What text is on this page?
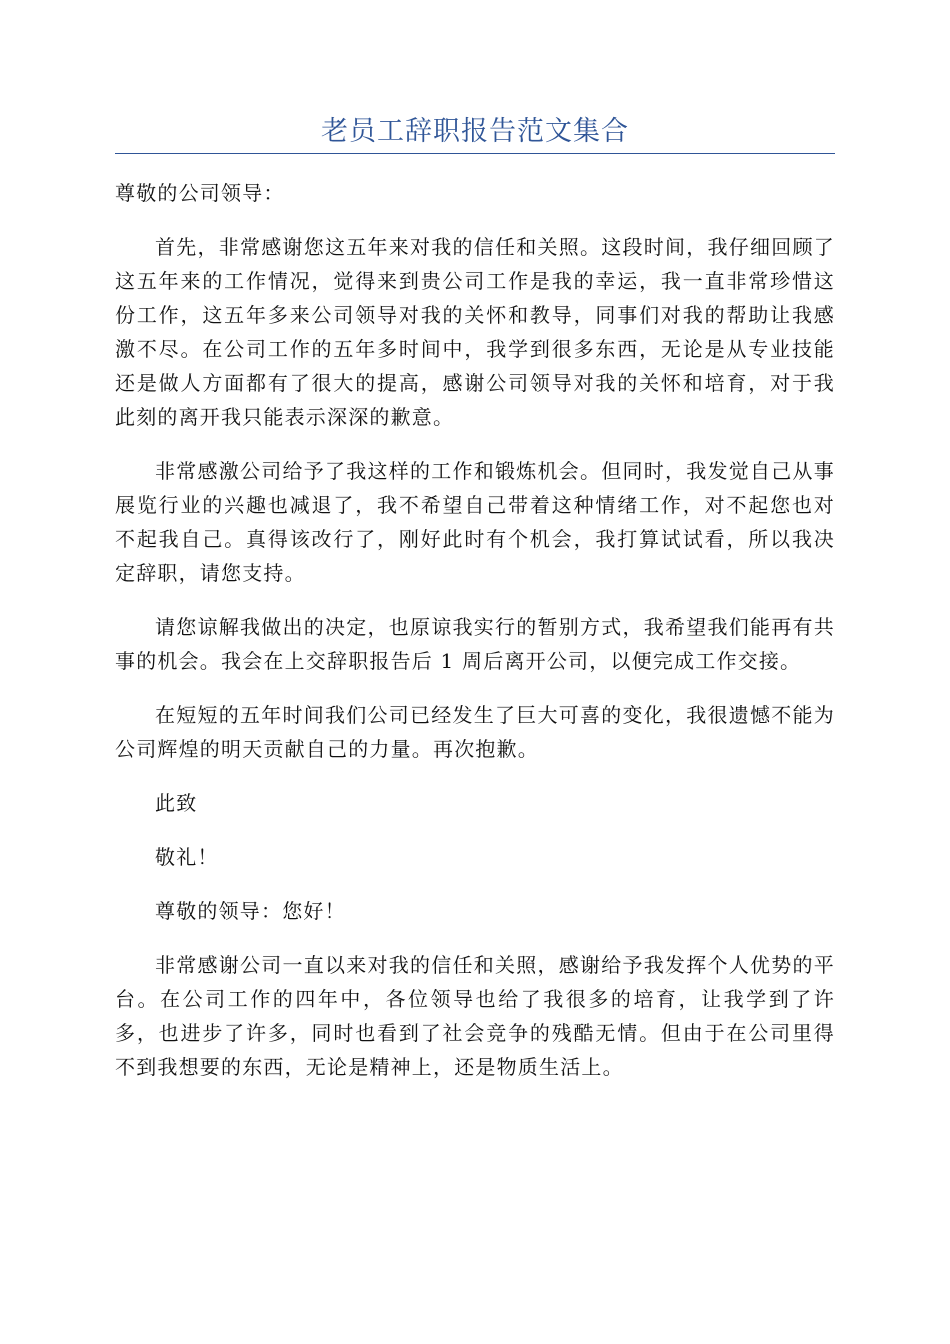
老员工辞职报告范文集合

尊敬的公司领导：

首先，非常感谢您这五年来对我的信任和关照。这段时间，我仔细回顾了这五年来的工作情况，觉得来到贵公司工作是我的幸运，我一直非常珍惜这份工作，这五年多来公司领导对我的关怀和教导，同事们对我的帮助让我感激不尽。在公司工作的五年多时间中，我学到很多东西，无论是从专业技能还是做人方面都有了很大的提高，感谢公司领导对我的关怀和培育，对于我此刻的离开我只能表示深深的歉意。

非常感激公司给予了我这样的工作和锻炼机会。但同时，我发觉自己从事展览行业的兴趣也减退了，我不希望自己带着这种情绪工作，对不起您也对不起我自己。真得该改行了，刚好此时有个机会，我打算试试看，所以我决定辞职，请您支持。

请您谅解我做出的决定，也原谅我实行的暂别方式，我希望我们能再有共事的机会。我会在上交辞职报告后 1 周后离开公司，以便完成工作交接。

在短短的五年时间我们公司已经发生了巨大可喜的变化，我很遗憾不能为公司辉煌的明天贡献自己的力量。再次抱歉。

此致

敬礼！

尊敬的领导：您好！

非常感谢公司一直以来对我的信任和关照，感谢给予我发挥个人优势的平台。在公司工作的四年中，各位领导也给了我很多的培育，让我学到了许多，也进步了许多，同时也看到了社会竞争的残酷无情。但由于在公司里得不到我想要的东西，无论是精神上，还是物质生活上。
